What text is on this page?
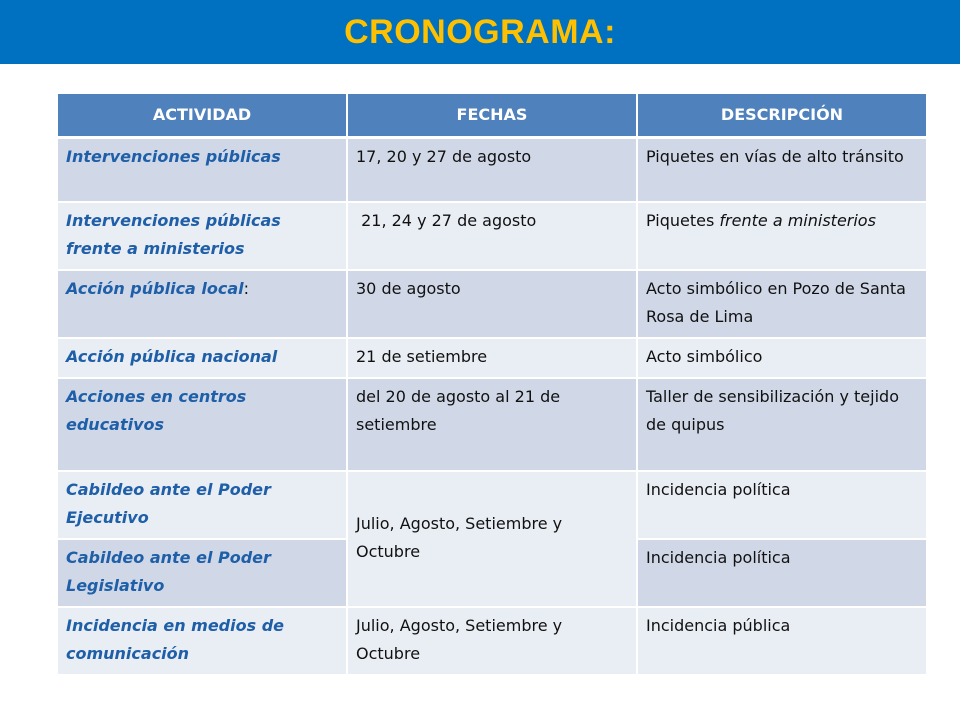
CRONOGRAMA:
ACTIVIDAD	FECHAS	DESCRIPCIÓN
Intervenciones públicas	17, 20 y 27 de agosto	Piquetes en vías de alto tránsito
Intervenciones públicas frente a ministerios	21, 24 y 27 de agosto	Piquetes frente a ministerios
Acción pública local:	30 de agosto	Acto simbólico en Pozo de Santa Rosa de Lima
Acción pública nacional	21 de setiembre	Acto simbólico
Acciones en centros educativos	del 20 de agosto al 21 de setiembre	Taller de sensibilización y tejido de quipus
Cabildeo ante el Poder Ejecutivo	Julio, Agosto, Setiembre y Octubre	Incidencia política
Cabildeo ante el Poder Legislativo		Incidencia política
Incidencia en medios de comunicación	Julio, Agosto, Setiembre y Octubre	Incidencia pública
